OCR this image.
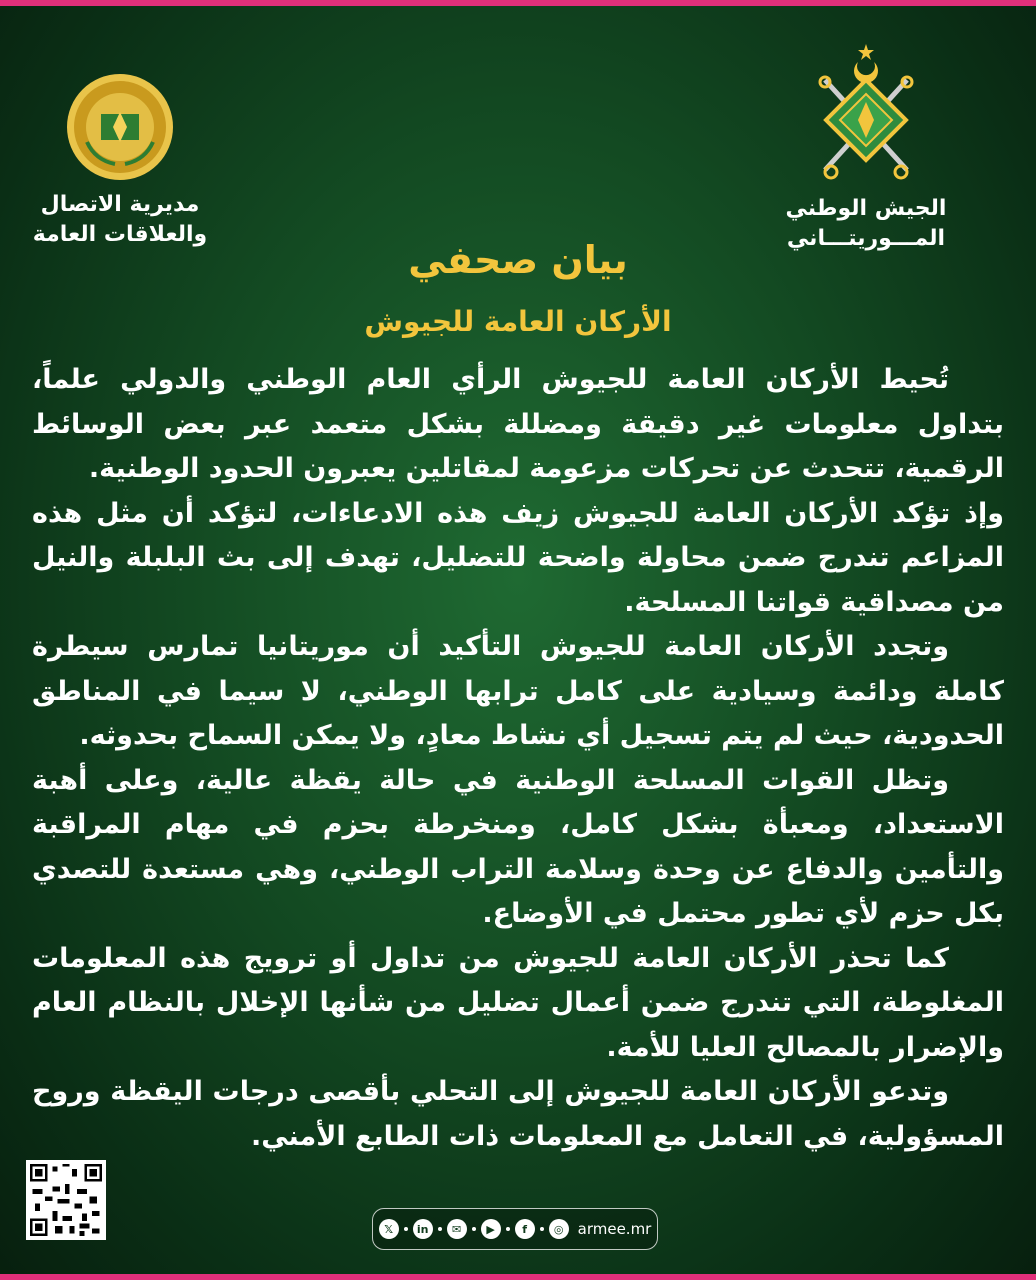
الجيش الوطني
المـــوريتـــاني
مديرية الاتصال
والعلاقات العامة
بيان صحفي
الأركان العامة للجيوش

تُحيط الأركان العامة للجيوش الرأي العام الوطني والدولي علماً، بتداول معلومات غير دقيقة ومضللة بشكل متعمد عبر بعض الوسائط الرقمية، تتحدث عن تحركات مزعومة لمقاتلين يعبرون الحدود الوطنية.

وإذ تؤكد الأركان العامة للجيوش زيف هذه الادعاءات، لتؤكد أن مثل هذه المزاعم تندرج ضمن محاولة واضحة للتضليل، تهدف إلى بث البلبلة والنيل من مصداقية قواتنا المسلحة.

وتجدد الأركان العامة للجيوش التأكيد أن موريتانيا تمارس سيطرة كاملة ودائمة وسيادية على كامل ترابها الوطني، لا سيما في المناطق الحدودية، حيث لم يتم تسجيل أي نشاط معادٍ، ولا يمكن السماح بحدوثه.

وتظل القوات المسلحة الوطنية في حالة يقظة عالية، وعلى أهبة الاستعداد، ومعبأة بشكل كامل، ومنخرطة بحزم في مهام المراقبة والتأمين والدفاع عن وحدة وسلامة التراب الوطني، وهي مستعدة للتصدي بكل حزم لأي تطور محتمل في الأوضاع.

كما تحذر الأركان العامة للجيوش من تداول أو ترويج هذه المعلومات المغلوطة، التي تندرج ضمن أعمال تضليل من شأنها الإخلال بالنظام العام والإضرار بالمصالح العليا للأمة.

وتدعو الأركان العامة للجيوش إلى التحلي بأقصى درجات اليقظة وروح المسؤولية، في التعامل مع المعلومات ذات الطابع الأمني.

𝕏	in	✉	▶	f	◎ armee.mr
